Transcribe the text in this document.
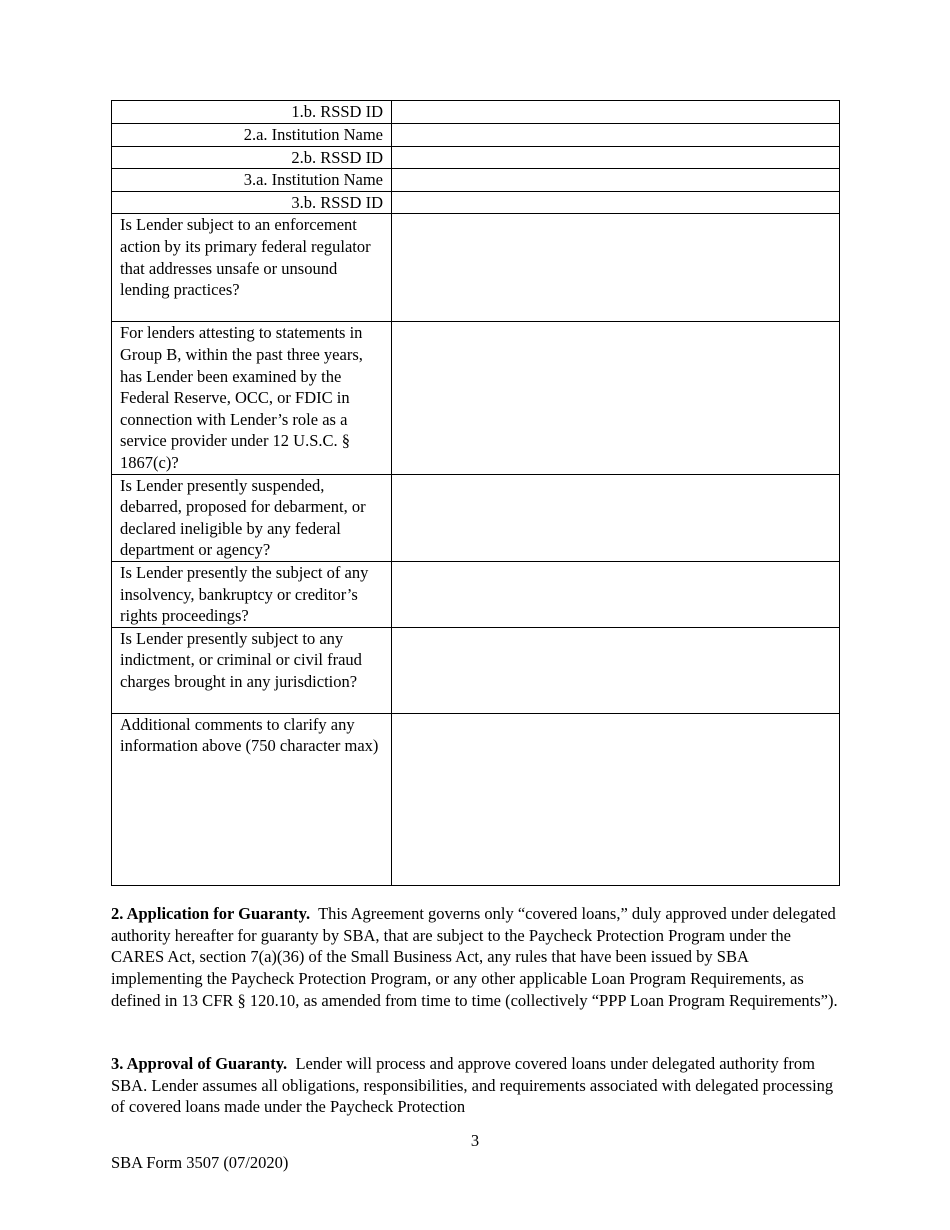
1.b. RSSD ID	
2.a. Institution Name	
2.b. RSSD ID	
3.a. Institution Name	
3.b. RSSD ID	
Is Lender subject to an enforcement action by its primary federal regulator that addresses unsafe or unsound lending practices?	
For lenders attesting to statements in Group B, within the past three years, has Lender been examined by the Federal Reserve, OCC, or FDIC in connection with Lender’s role as a service provider under 12 U.S.C. § 1867(c)?	
Is Lender presently suspended, debarred, proposed for debarment, or declared ineligible by any federal department or agency?	
Is Lender presently the subject of any insolvency, bankruptcy or creditor’s rights proceedings?	
Is Lender presently subject to any indictment, or criminal or civil fraud charges brought in any jurisdiction?	
Additional comments to clarify any information above (750 character max)	
2. Application for Guaranty. This Agreement governs only “covered loans,” duly approved under delegated authority hereafter for guaranty by SBA, that are subject to the Paycheck Protection Program under the CARES Act, section 7(a)(36) of the Small Business Act, any rules that have been issued by SBA implementing the Paycheck Protection Program, or any other applicable Loan Program Requirements, as defined in 13 CFR § 120.10, as amended from time to time (collectively “PPP Loan Program Requirements”).
3. Approval of Guaranty. Lender will process and approve covered loans under delegated authority from SBA. Lender assumes all obligations, responsibilities, and requirements associated with delegated processing of covered loans made under the Paycheck Protection
3
SBA Form 3507 (07/2020)
